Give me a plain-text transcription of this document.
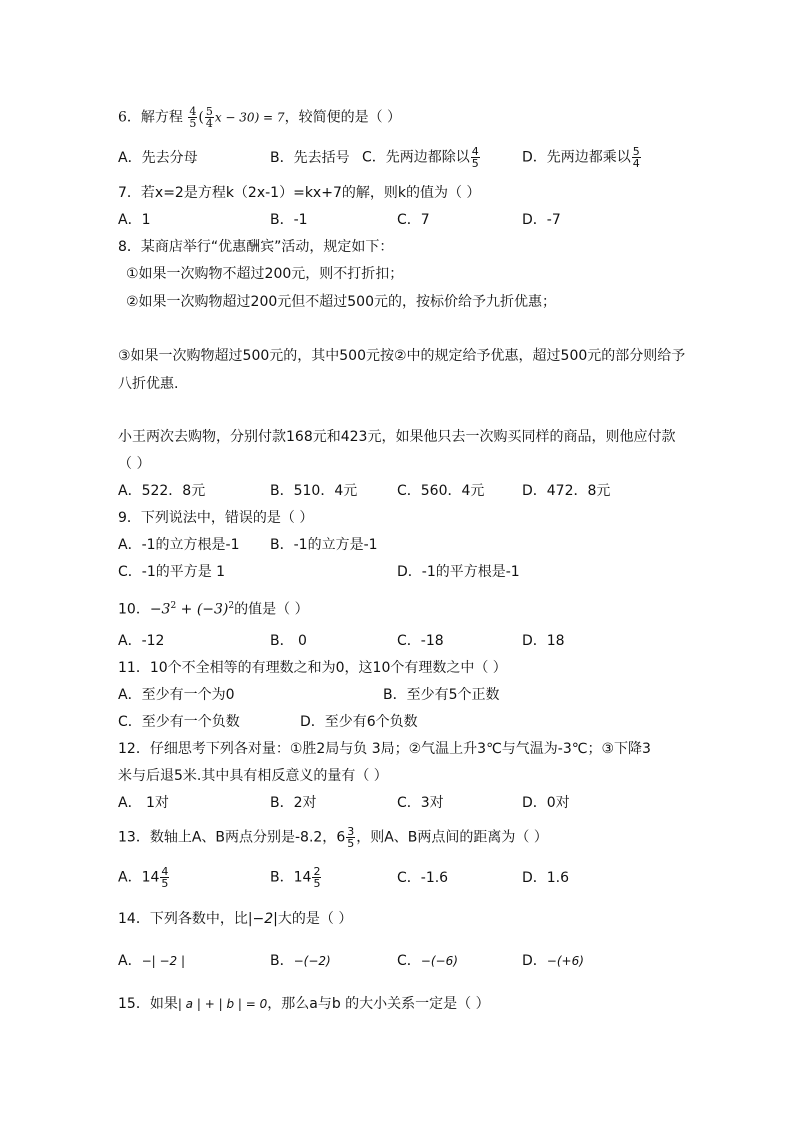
6．解方程 $\frac{4}{5}$ ( $\frac{5}{4}$ x − 30) = 7，较简便的是（ ）
A．先去分母	B．先去括号 C．先两边都除以 $\frac{4}{5}$	D．先两边都乘以 $\frac{5}{4}$
7．若x=2是方程k（2x-1）=kx+7的解，则k的值为（ ）
A．1	B．-1	C．7	D．-7
8．某商店举行“优惠酬宾”活动，规定如下：
①如果一次购物不超过200元，则不打折扣；
②如果一次购物超过200元但不超过500元的，按标价给予九折优惠；
③如果一次购物超过500元的，其中500元按②中的规定给予优惠，超过500元的部分则给予
八折优惠.
小王两次去购物，分别付款168元和423元，如果他只去一次购买同样的商品，则他应付款
（ ）
A．522．8元	B．510．4元	C．560．4元	D．472．8元
9．下列说法中，错误的是（ ）
A．-1的立方根是-1 B．-1的立方是-1
C．-1的平方是 1	D．-1的平方根是-1
10．$-3^2 + (-3)^2$的值是（ ）
A．-12	B． 0	C．-18	D．18
11．10个不全相等的有理数之和为0，这10个有理数之中（ ）
A．至少有一个为0	B．至少有5个正数
C．至少有一个负数	D．至少有6个负数
12．仔细思考下列各对量：①胜2局与负 3局；②气温上升3℃与气温为-3℃；③下降3
米与后退5米.其中具有相反意义的量有（ ）
A． 1对	B．2对	C．3对	D．0对
13．数轴上A、B两点分别是-8.2，$6 \frac{3}{5}$ ，则A、B两点间的距离为（ ）
A．$14 \frac{4}{5}$	B．$14 \frac{2}{5}$	C．-1.6	D．1.6
14．下列各数中，比|−2|大的是（ ）
A．−| −2 |	B．−(−2)	C．−(−6)	D．−(+6)
15．如果| a | + | b | = 0，那么a与b 的大小关系一定是（ ）
